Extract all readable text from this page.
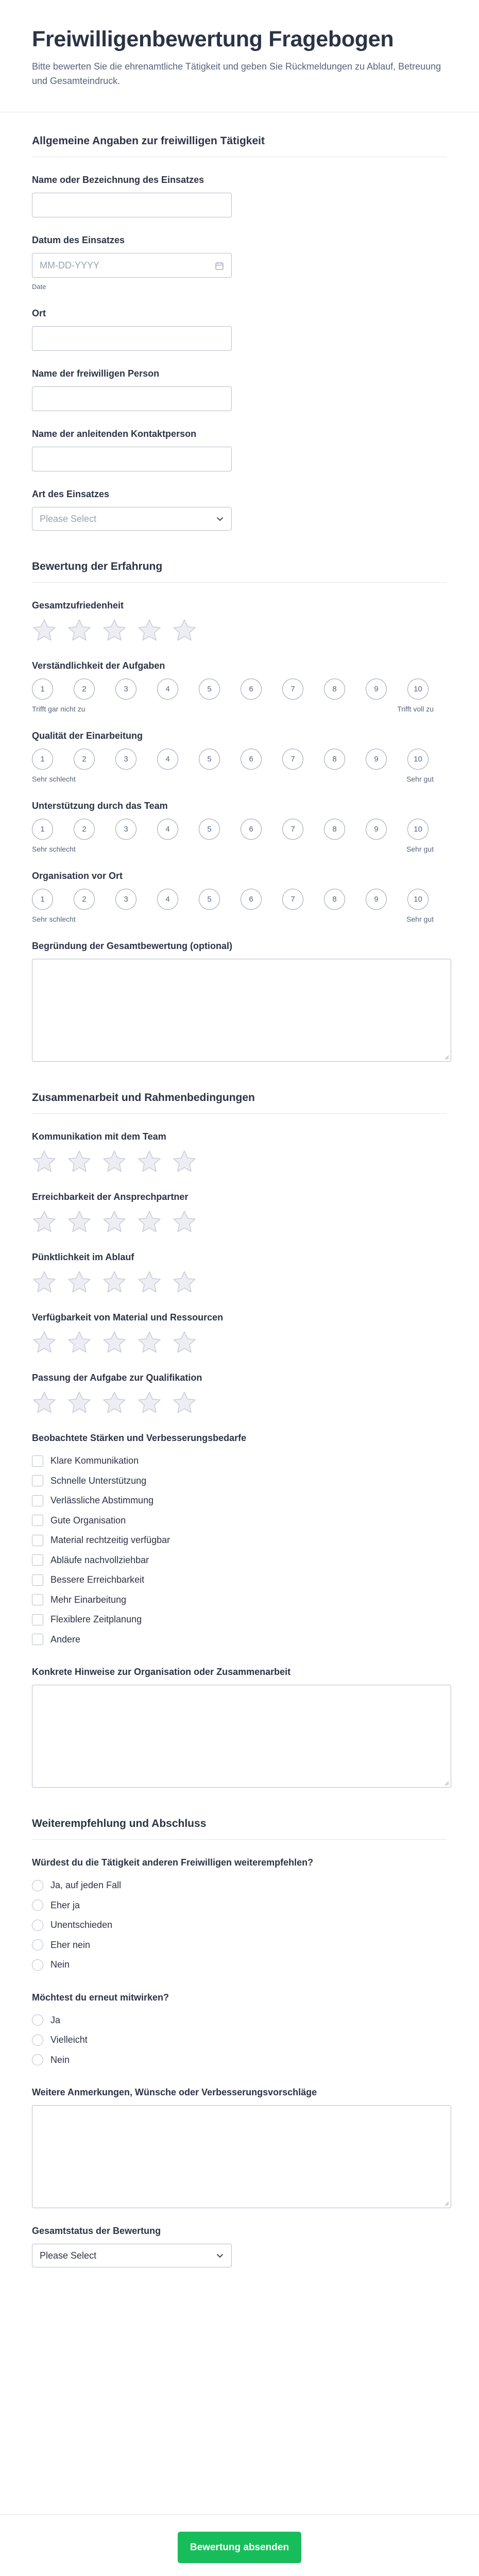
Freiwilligenbewertung Fragebogen

Bitte bewerten Sie die ehrenamtliche Tätigkeit und geben Sie Rückmeldungen zu Ablauf, Betreuung und Gesamteindruck.

Allgemeine Angaben zur freiwilligen Tätigkeit
Name oder Bezeichnung des Einsatzes
Datum des Einsatzes
MM-DD-YYYY
Date
Ort
Name der freiwilligen Person
Name der anleitenden Kontaktperson
Art des Einsatzes
Please Select
Bewertung der Erfahrung
Gesamtzufriedenheit
Verständlichkeit der Aufgaben
1	2	3	4	5	6	7	8	9	10
Trifft gar nicht zu	Trifft voll zu
Qualität der Einarbeitung
1	2	3	4	5	6	7	8	9	10
Sehr schlecht	Sehr gut
Unterstützung durch das Team
1	2	3	4	5	6	7	8	9	10
Sehr schlecht	Sehr gut
Organisation vor Ort
1	2	3	4	5	6	7	8	9	10
Sehr schlecht	Sehr gut
Begründung der Gesamtbewertung (optional)
Zusammenarbeit und Rahmenbedingungen
Kommunikation mit dem Team
Erreichbarkeit der Ansprechpartner
Pünktlichkeit im Ablauf
Verfügbarkeit von Material und Ressourcen
Passung der Aufgabe zur Qualifikation
Beobachtete Stärken und Verbesserungsbedarfe
Klare Kommunikation
Schnelle Unterstützung
Verlässliche Abstimmung
Gute Organisation
Material rechtzeitig verfügbar
Abläufe nachvollziehbar
Bessere Erreichbarkeit
Mehr Einarbeitung
Flexiblere Zeitplanung
Andere
Konkrete Hinweise zur Organisation oder Zusammenarbeit
Weiterempfehlung und Abschluss
Würdest du die Tätigkeit anderen Freiwilligen weiterempfehlen?
Ja, auf jeden Fall
Eher ja
Unentschieden
Eher nein
Nein
Möchtest du erneut mitwirken?
Ja
Vielleicht
Nein
Weitere Anmerkungen, Wünsche oder Verbesserungsvorschläge
Gesamtstatus der Bewertung
Please Select
Bewertung absenden
